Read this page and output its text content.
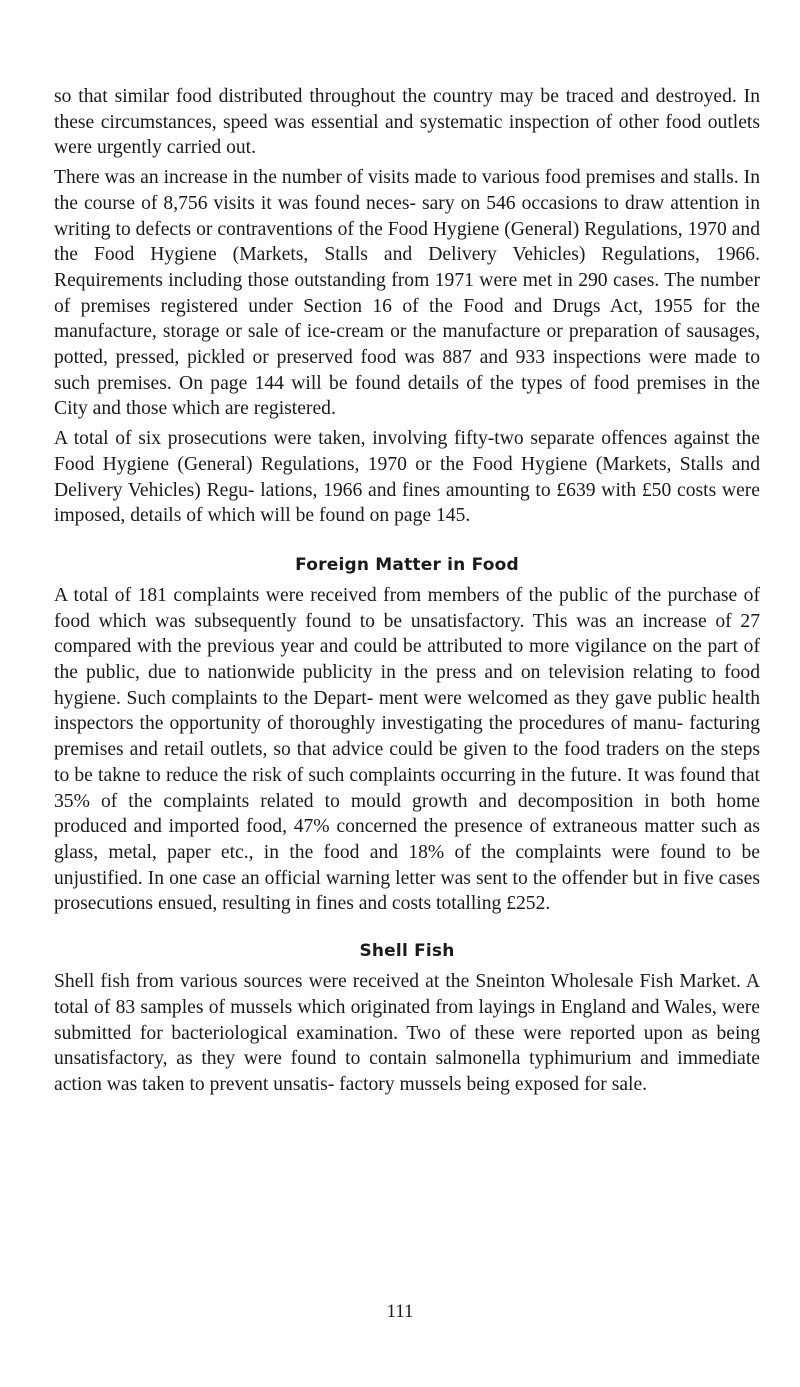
so that similar food distributed throughout the country may be traced and destroyed. In these circumstances, speed was essential and systematic inspection of other food outlets were urgently carried out.

There was an increase in the number of visits made to various food premises and stalls. In the course of 8,756 visits it was found neces- sary on 546 occasions to draw attention in writing to defects or contraventions of the Food Hygiene (General) Regulations, 1970 and the Food Hygiene (Markets, Stalls and Delivery Vehicles) Regulations, 1966. Requirements including those outstanding from 1971 were met in 290 cases. The number of premises registered under Section 16 of the Food and Drugs Act, 1955 for the manufacture, storage or sale of ice-cream or the manufacture or preparation of sausages, potted, pressed, pickled or preserved food was 887 and 933 inspections were made to such premises. On page 144 will be found details of the types of food premises in the City and those which are registered.

A total of six prosecutions were taken, involving fifty-two separate offences against the Food Hygiene (General) Regulations, 1970 or the Food Hygiene (Markets, Stalls and Delivery Vehicles) Regu- lations, 1966 and fines amounting to £639 with £50 costs were imposed, details of which will be found on page 145.

Foreign Matter in Food

A total of 181 complaints were received from members of the public of the purchase of food which was subsequently found to be unsatisfactory. This was an increase of 27 compared with the previous year and could be attributed to more vigilance on the part of the public, due to nationwide publicity in the press and on television relating to food hygiene. Such complaints to the Depart- ment were welcomed as they gave public health inspectors the opportunity of thoroughly investigating the procedures of manu- facturing premises and retail outlets, so that advice could be given to the food traders on the steps to be takne to reduce the risk of such complaints occurring in the future. It was found that 35% of the complaints related to mould growth and decomposition in both home produced and imported food, 47% concerned the presence of extraneous matter such as glass, metal, paper etc., in the food and 18% of the complaints were found to be unjustified. In one case an official warning letter was sent to the offender but in five cases prosecutions ensued, resulting in fines and costs totalling £252.

Shell Fish

Shell fish from various sources were received at the Sneinton Wholesale Fish Market. A total of 83 samples of mussels which originated from layings in England and Wales, were submitted for bacteriological examination. Two of these were reported upon as being unsatisfactory, as they were found to contain salmonella typhimurium and immediate action was taken to prevent unsatis- factory mussels being exposed for sale.

111
